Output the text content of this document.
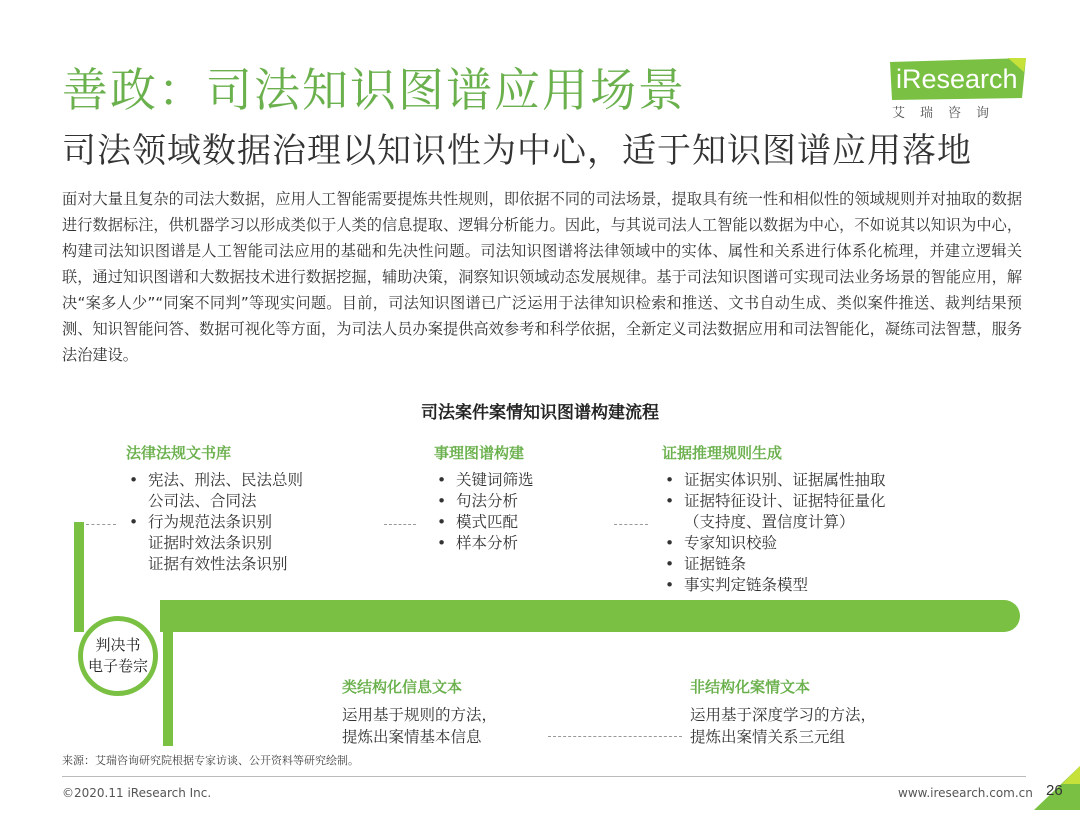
善政：司法知识图谱应用场景
司法领域数据治理以知识性为中心，适于知识图谱应用落地
iResearch
艾瑞咨询
面对大量且复杂的司法大数据，应用人工智能需要提炼共性规则，即依据不同的司法场景，提取具有统一性和相似性的领域规则并对抽取的数据进行数据标注，供机器学习以形成类似于人类的信息提取、逻辑分析能力。因此，与其说司法人工智能以数据为中心，不如说其以知识为中心，构建司法知识图谱是人工智能司法应用的基础和先决性问题。司法知识图谱将法律领域中的实体、属性和关系进行体系化梳理，并建立逻辑关联，通过知识图谱和大数据技术进行数据挖掘，辅助决策，洞察知识领域动态发展规律。基于司法知识图谱可实现司法业务场景的智能应用，解决“案多人少”“同案不同判”等现实问题。目前，司法知识图谱已广泛运用于法律知识检索和推送、文书自动生成、类似案件推送、裁判结果预测、知识智能问答、数据可视化等方面，为司法人员办案提供高效参考和科学依据，全新定义司法数据应用和司法智能化，凝练司法智慧，服务法治建设。
司法案件案情知识图谱构建流程
法律法规文书库
• 宪法、刑法、民法总则
公司法、合同法
• 行为规范法条识别
证据时效法条识别
证据有效性法条识别
事理图谱构建
• 关键词筛选
• 句法分析
• 模式匹配
• 样本分析
证据推理规则生成
• 证据实体识别、证据属性抽取
• 证据特征设计、证据特征量化
（支持度、置信度计算）
• 专家知识校验
• 证据链条
• 事实判定链条模型
判决书
电子卷宗
类结构化信息文本
运用基于规则的方法，
提炼出案情基本信息
非结构化案情文本
运用基于深度学习的方法，
提炼出案情关系三元组
来源：艾瑞咨询研究院根据专家访谈、公开资料等研究绘制。
©2020.11 iResearch Inc.	www.iresearch.com.cn 26
